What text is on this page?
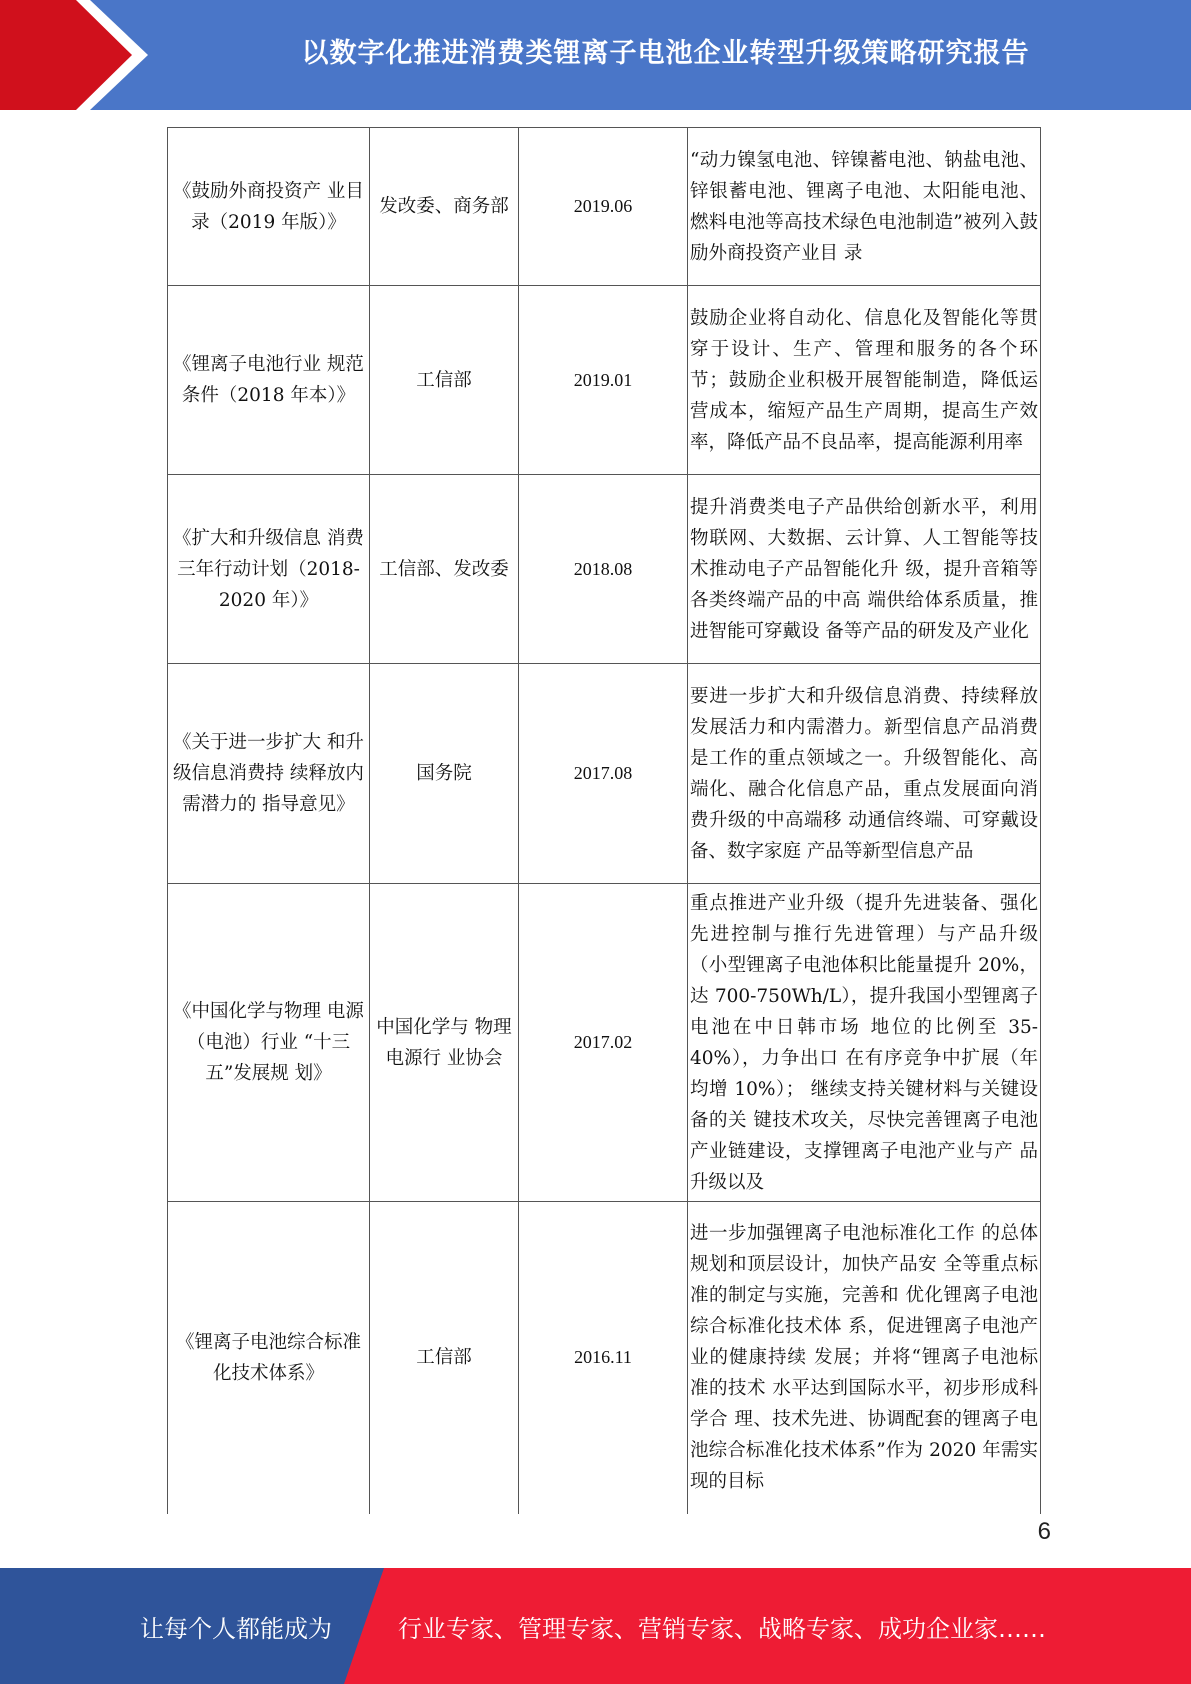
以数字化推进消费类锂离子电池企业转型升级策略研究报告
《鼓励外商投资产 业目录（2019 年版）》	发改委、商务部	2019.06	“动力镍氢电池、锌镍蓄电池、钠盐电池、锌银蓄电池、锂离子电池、太阳能电池、燃料电池等高技术绿色电池制造”被列入鼓励外商投资产业目 录
《锂离子电池行业 规范条件（2018 年本）》	工信部	2019.01	鼓励企业将自动化、信息化及智能化等贯穿于设计、生产、管理和服务的各个环节；鼓励企业积极开展智能制造，降低运营成本，缩短产品生产周期，提高生产效率，降低产品不良品率，提高能源利用率
《扩大和升级信息 消费三年行动计划（2018-2020 年）》	工信部、发改委	2018.08	提升消费类电子产品供给创新水平，利用物联网、大数据、云计算、人工智能等技术推动电子产品智能化升 级，提升音箱等各类终端产品的中高 端供给体系质量，推进智能可穿戴设 备等产品的研发及产业化
《关于进一步扩大 和升级信息消费持 续释放内需潜力的 指导意见》	国务院	2017.08	要进一步扩大和升级信息消费、持续释放发展活力和内需潜力。新型信息产品消费是工作的重点领域之一。升级智能化、高端化、融合化信息产品，重点发展面向消费升级的中高端移 动通信终端、可穿戴设备、数字家庭 产品等新型信息产品
《中国化学与物理 电源（电池）行业 “十三五”发展规 划》	中国化学与 物理电源行 业协会	2017.02	重点推进产业升级（提升先进装备、强化先进控制与推行先进管理）与产品升级（小型锂离子电池体积比能量提升 20%，达 700-750Wh/L），提升我国小型锂离子电池在中日韩市场 地位的比例至 35-40%），力争出口 在有序竞争中扩展（年均增 10%）； 继续支持关键材料与关键设备的关 键技术攻关，尽快完善锂离子电池产业链建设，支撑锂离子电池产业与产 品升级以及
《锂离子电池综合标准化技术体系》	工信部	2016.11	进一步加强锂离子电池标准化工作 的总体规划和顶层设计，加快产品安 全等重点标准的制定与实施，完善和 优化锂离子电池综合标准化技术体 系，促进锂离子电池产业的健康持续 发展；并将“锂离子电池标准的技术 水平达到国际水平，初步形成科学合 理、技术先进、协调配套的锂离子电 池综合标准化技术体系”作为 2020 年需实现的目标
6
让每个人都能成为	行业专家、管理专家、营销专家、战略专家、成功企业家……
